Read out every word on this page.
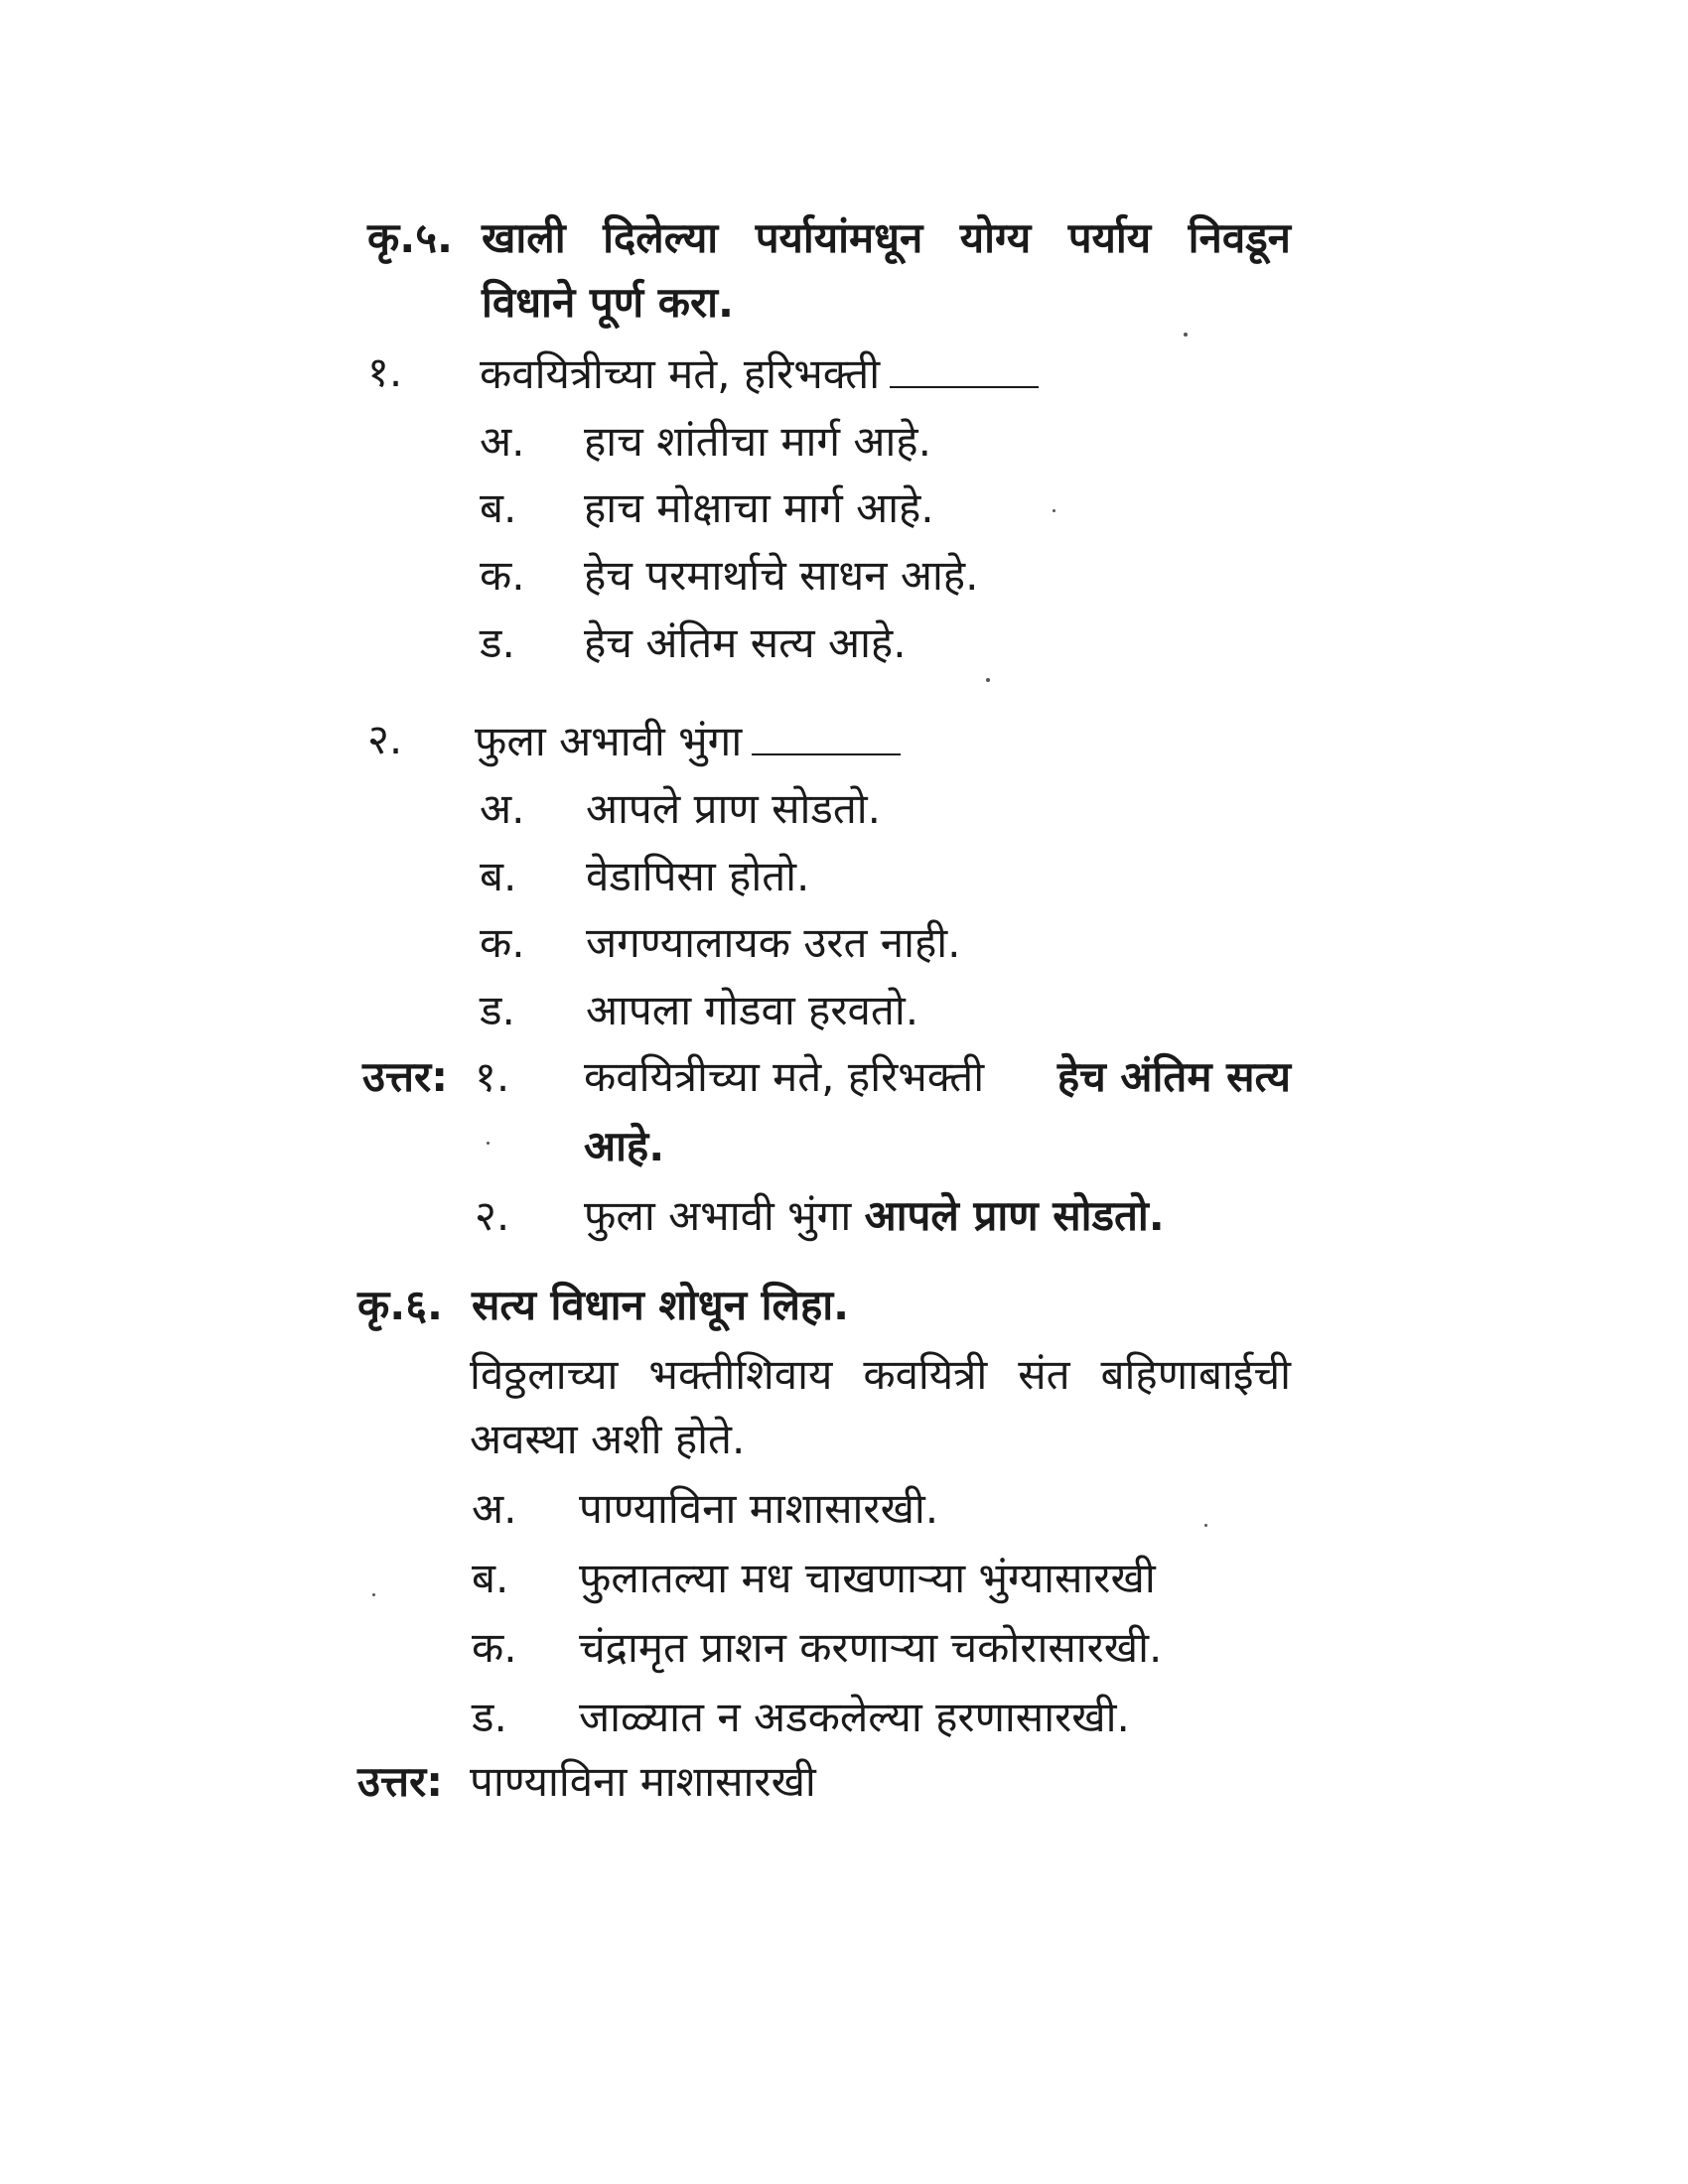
कृ.५. खाली दिलेल्या पर्यायांमधून योग्य पर्याय निवडून
विधाने पूर्ण करा.
१. कवयित्रीच्या मते, हरिभक्ती
अ. हाच शांतीचा मार्ग आहे.
ब. हाच मोक्षाचा मार्ग आहे.
क. हेच परमार्थाचे साधन आहे.
ड. हेच अंतिम सत्य आहे.
२. फुला अभावी भुंगा
अ. आपले प्राण सोडतो.
ब. वेडापिसा होतो.
क. जगण्यालायक उरत नाही.
ड. आपला गोडवा हरवतो.
उत्तर: १. कवयित्रीच्या मते, हरिभक्ती हेच अंतिम सत्य
आहे.
२. फुला अभावी भुंगा आपले प्राण सोडतो.
कृ.६. सत्य विधान शोधून लिहा.
विठ्ठलाच्या भक्तीशिवाय कवयित्री संत बहिणाबाईची
अवस्था अशी होते.
अ. पाण्याविना माशासारखी.
ब. फुलातल्या मध चाखणाऱ्या भुंग्यासारखी
क. चंद्रामृत प्राशन करणाऱ्या चकोरासारखी.
ड. जाळ्यात न अडकलेल्या हरणासारखी.
उत्तर: पाण्याविना माशासारखी
